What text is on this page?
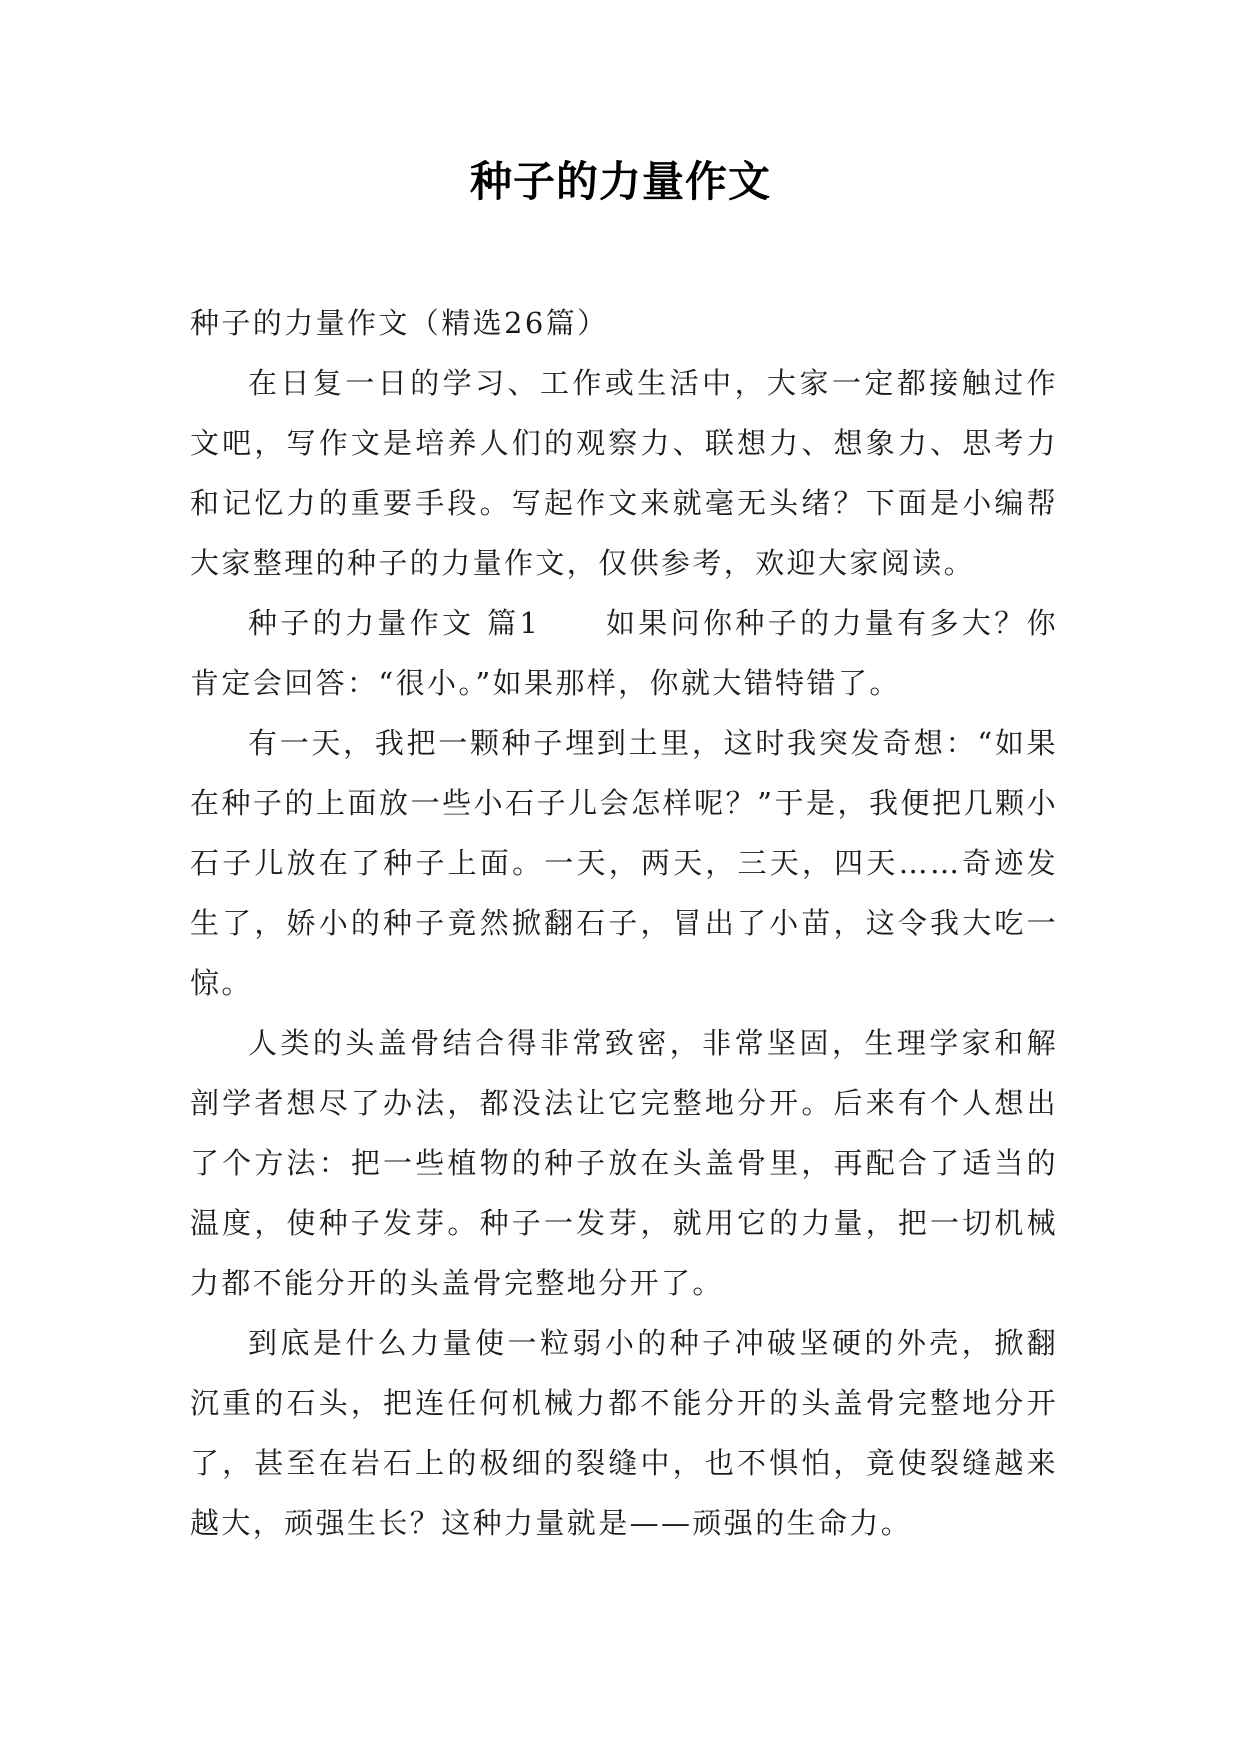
种子的力量作文

种子的力量作文（精选26篇）

在日复一日的学习、工作或生活中，大家一定都接触过作文吧，写作文是培养人们的观察力、联想力、想象力、思考力和记忆力的重要手段。写起作文来就毫无头绪？下面是小编帮大家整理的种子的力量作文，仅供参考，欢迎大家阅读。

种子的力量作文 篇1　　如果问你种子的力量有多大？你肯定会回答：“很小。”如果那样，你就大错特错了。

有一天，我把一颗种子埋到土里，这时我突发奇想：“如果在种子的上面放一些小石子儿会怎样呢？”于是，我便把几颗小石子儿放在了种子上面。一天，两天，三天，四天……奇迹发生了，娇小的种子竟然掀翻石子，冒出了小苗，这令我大吃一惊。

人类的头盖骨结合得非常致密，非常坚固，生理学家和解剖学者想尽了办法，都没法让它完整地分开。后来有个人想出了个方法：把一些植物的种子放在头盖骨里，再配合了适当的温度，使种子发芽。种子一发芽，就用它的力量，把一切机械力都不能分开的头盖骨完整地分开了。

到底是什么力量使一粒弱小的种子冲破坚硬的外壳，掀翻沉重的石头，把连任何机械力都不能分开的头盖骨完整地分开了，甚至在岩石上的极细的裂缝中，也不惧怕，竟使裂缝越来越大，顽强生长？这种力量就是——顽强的生命力。
